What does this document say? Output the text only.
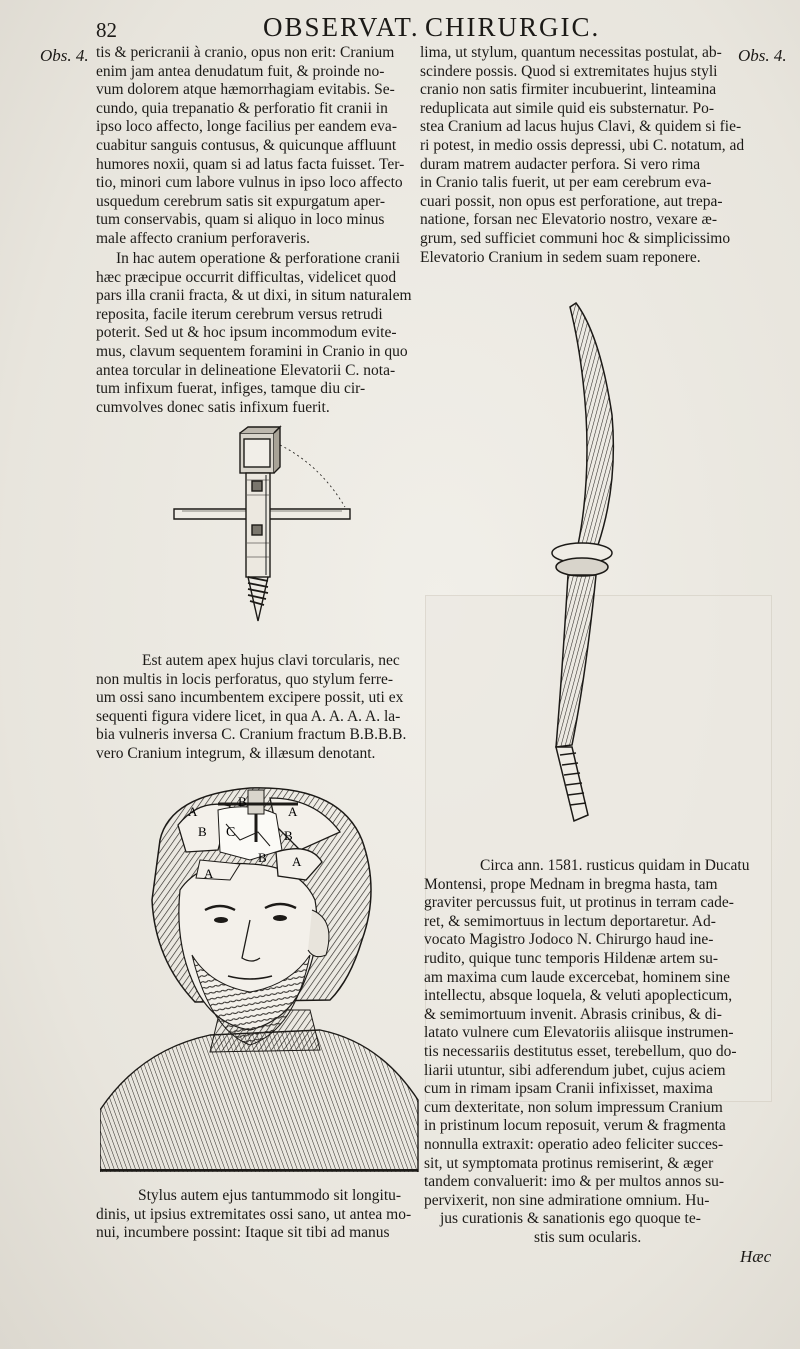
82	OBSERVAT. CHIRURGIC.
Obs. 4.	Obs. 4.
tis & pericranii à cranio, opus non erit: Cranium
enim jam antea denudatum fuit, & proinde no-
vum dolorem atque hæmorrhagiam evitabis. Se-
cundo, quia trepanatio & perforatio fit cranii in
ipso loco affecto, longe facilius per eandem eva-
cuabitur sanguis contusus, & quicunque affluunt
humores noxii, quam si ad latus facta fuisset. Ter-
tio, minori cum labore vulnus in ipso loco affecto
usquedum cerebrum satis sit expurgatum aper-
tum conservabis, quam si aliquo in loco minus
male affecto cranium perforaveris.
In hac autem operatione & perforatione cranii
hæc præcipue occurrit difficultas, videlicet quod
pars illa cranii fracta, & ut dixi, in situm naturalem
reposita, facile iterum cerebrum versus retrudi
poterit. Sed ut & hoc ipsum incommodum evite-
mus, clavum sequentem foramini in Cranio in quo
antea torcular in delineatione Elevatorii C. nota-
tum infixum fuerat, infiges, tamque diu cir-
cumvolves donec satis infixum fuerit.
Est autem apex hujus clavi torcularis, nec
non multis in locis perforatus, quo stylum ferre-
um ossi sano incumbentem excipere possit, uti ex
sequenti figura videre licet, in qua A. A. A. A. la-
bia vulneris inversa C. Cranium fractum B.B.B.B.
vero Cranium integrum, & illæsum denotant.
A	A
A
A
B
B	B
B
C
Stylus autem ejus tantummodo sit longitu-
dinis, ut ipsius extremitates ossi sano, ut antea mo-
nui, incumbere possint: Itaque sit tibi ad manus
lima, ut stylum, quantum necessitas postulat, ab-
scindere possis. Quod si extremitates hujus styli
cranio non satis firmiter incubuerint, linteamina
reduplicata aut simile quid eis substernatur. Po-
stea Cranium ad lacus hujus Clavi, & quidem si fie-
ri potest, in medio ossis depressi, ubi C. notatum, ad
duram matrem audacter perfora. Si vero rima
in Cranio talis fuerit, ut per eam cerebrum eva-
cuari possit, non opus est perforatione, aut trepa-
natione, forsan nec Elevatorio nostro, vexare æ-
grum, sed sufficiet communi hoc & simplicissimo
Elevatorio Cranium in sedem suam reponere.
Circa ann. 1581. rusticus quidam in Ducatu
Montensi, prope Mednam in bregma hasta, tam
graviter percussus fuit, ut protinus in terram cade-
ret, & semimortuus in lectum deportaretur. Ad-
vocato Magistro Jodoco N. Chirurgo haud ine-
rudito, quique tunc temporis Hildenæ artem su-
am maxima cum laude excercebat, hominem sine
intellectu, absque loquela, & veluti apoplecticum,
& semimortuum invenit. Abrasis crinibus, & di-
latato vulnere cum Elevatoriis aliisque instrumen-
tis necessariis destitutus esset, terebellum, quo do-
liarii utuntur, sibi adferendum jubet, cujus aciem
cum in rimam ipsam Cranii infixisset, maxima
cum dexteritate, non solum impressum Cranium
in pristinum locum reposuit, verum & fragmenta
nonnulla extraxit: operatio adeo feliciter succes-
sit, ut symptomata protinus remiserint, & æger
tandem convaluerit: imo & per multos annos su-
pervixerit, non sine admiratione omnium. Hu-
jus curationis & sanationis ego quoque te-
stis sum ocularis.
Hæc
